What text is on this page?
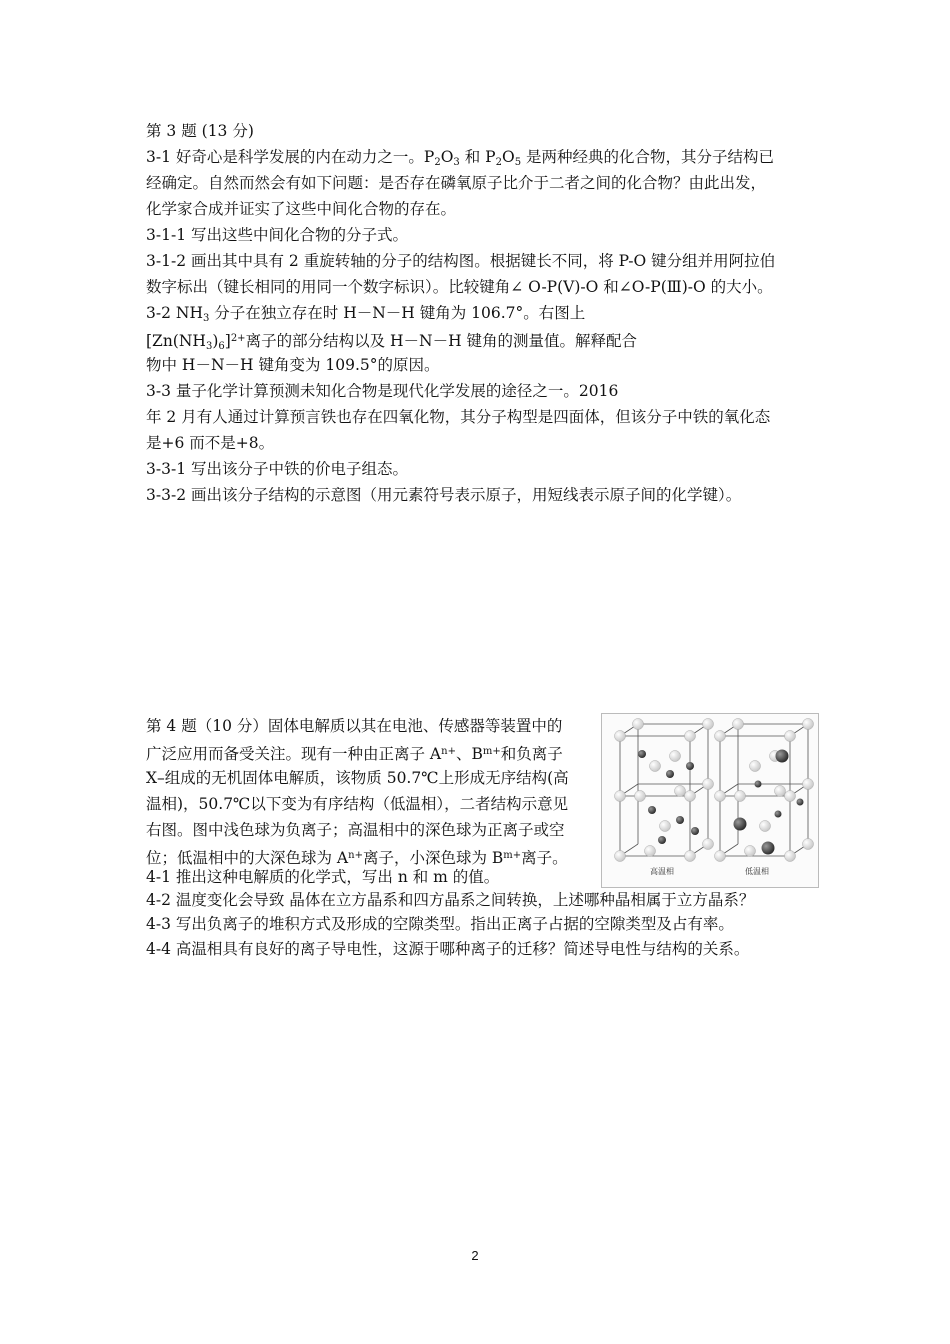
第 3 题 (13 分)
3-1 好奇心是科学发展的内在动力之一。$P_2O_3$ 和 $P_2O_5$ 是两种经典的化合物，其分子结构已
经确定。自然而然会有如下问题：是否存在磷氧原子比介于二者之间的化合物？由此出发，
化学家合成并证实了这些中间化合物的存在。
3-1-1 写出这些中间化合物的分子式。
3-1-2 画出其中具有 2 重旋转轴的分子的结构图。根据键长不同，将 P-O 键分组并用阿拉伯
数字标出（键长相同的用同一个数字标识）。比较键角∠ O-P(Ⅴ)-O 和∠O-P(Ⅲ)-O 的大小。
3-2 $NH_3$ 分子在独立存在时 H－N－H 键角为 106.7°。右图上
$[Zn(NH_3)_6]^{2+}$离子的部分结构以及 H－N－H 键角的测量值。解释配合
物中 H－N－H 键角变为 109.5°的原因。
3-3 量子化学计算预测未知化合物是现代化学发展的途径之一。2016
年 2 月有人通过计算预言铁也存在四氧化物，其分子构型是四面体，但该分子中铁的氧化态
是+6 而不是+8。
3-3-1 写出该分子中铁的价电子组态。
3-3-2 画出该分子结构的示意图（用元素符号表示原子，用短线表示原子间的化学键）。
第 4 题（10 分）固体电解质以其在电池、传感器等装置中的
广泛应用而备受关注。现有一种由正离子 $A^{n+}$、$B^{m+}$和负离子
X–组成的无机固体电解质，该物质 50.7℃上形成无序结构(高
温相)，50.7℃以下变为有序结构（低温相），二者结构示意见
右图。图中浅色球为负离子；高温相中的深色球为正离子或空
位；低温相中的大深色球为 $A^{n+}$离子，小深色球为 $B^{m+}$离子。
4-1 推出这种电解质的化学式，写出 n 和 m 的值。
4-2 温度变化会导致 晶体在立方晶系和四方晶系之间转换，上述哪种晶相属于立方晶系？
4-3 写出负离子的堆积方式及形成的空隙类型。指出正离子占据的空隙类型及占有率。
4-4 高温相具有良好的离子导电性，这源于哪种离子的迁移？简述导电性与结构的关系。
高温相	低温相
2
